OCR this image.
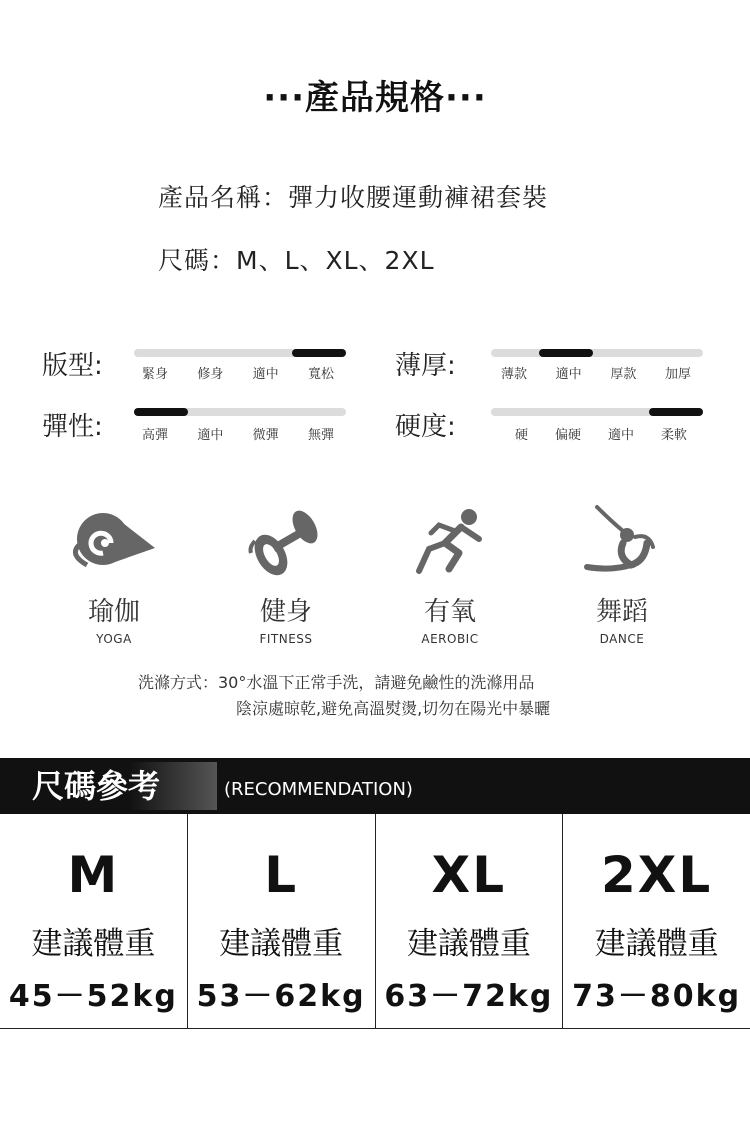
···產品規格···
產品名稱：彈力收腰運動褲裙套裝
尺碼：M、L、XL、2XL
版型:	緊身 修身 適中 寬松 薄厚:	薄款 適中 厚款 加厚
彈性:	高彈 適中 微彈 無彈 硬度:	硬 偏硬 適中 柔軟
瑜伽
YOGA
健身
FITNESS
有氧
AEROBIC
舞蹈
DANCE
洗滌方式：30°水溫下正常手洗，請避免鹼性的洗滌用品
陰涼處晾乾,避免高溫熨燙,切勿在陽光中暴曬
尺碼參考	(RECOMMENDATION)
M
建議體重
45－52kg
L
建議體重
53－62kg
XL
建議體重
63－72kg
2XL
建議體重
73－80kg
